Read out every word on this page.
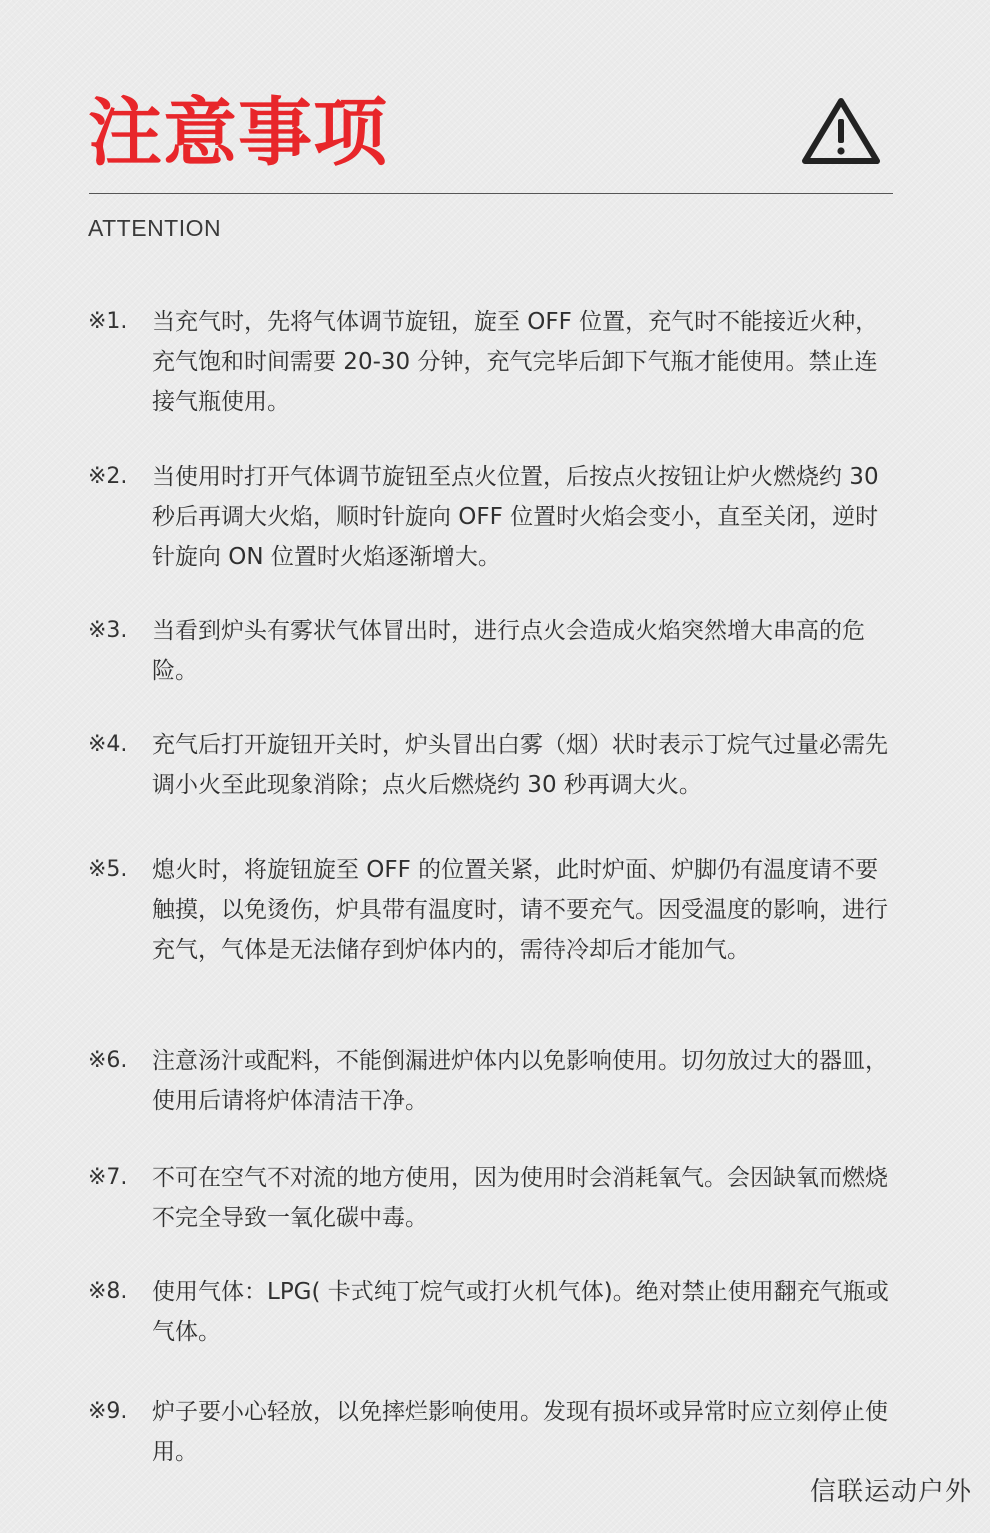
注意事项
ATTENTION
※1. 当充气时，先将气体调节旋钮，旋至 OFF 位置，充气时不能接近火种，充气饱和时间需要 20-30 分钟，充气完毕后卸下气瓶才能使用。禁止连接气瓶使用。
※2. 当使用时打开气体调节旋钮至点火位置，后按点火按钮让炉火燃烧约 30 秒后再调大火焰，顺时针旋向 OFF 位置时火焰会变小，直至关闭，逆时针旋向 ON 位置时火焰逐渐增大。
※3. 当看到炉头有雾状气体冒出时，进行点火会造成火焰突然增大串高的危险。
※4. 充气后打开旋钮开关时，炉头冒出白雾（烟）状时表示丁烷气过量必需先调小火至此现象消除；点火后燃烧约 30 秒再调大火。
※5. 熄火时，将旋钮旋至 OFF 的位置关紧，此时炉面、炉脚仍有温度请不要触摸，以免烫伤，炉具带有温度时，请不要充气。因受温度的影响，进行充气，气体是无法储存到炉体内的，需待冷却后才能加气。
※6. 注意汤汁或配料，不能倒漏进炉体内以免影响使用。切勿放过大的器皿，使用后请将炉体清洁干净。
※7. 不可在空气不对流的地方使用，因为使用时会消耗氧气。会因缺氧而燃烧不完全导致一氧化碳中毒。
※8. 使用气体：LPG( 卡式纯丁烷气或打火机气体)。绝对禁止使用翻充气瓶或气体。
※9. 炉子要小心轻放，以免摔烂影响使用。发现有损坏或异常时应立刻停止使用。
信联运动户外
